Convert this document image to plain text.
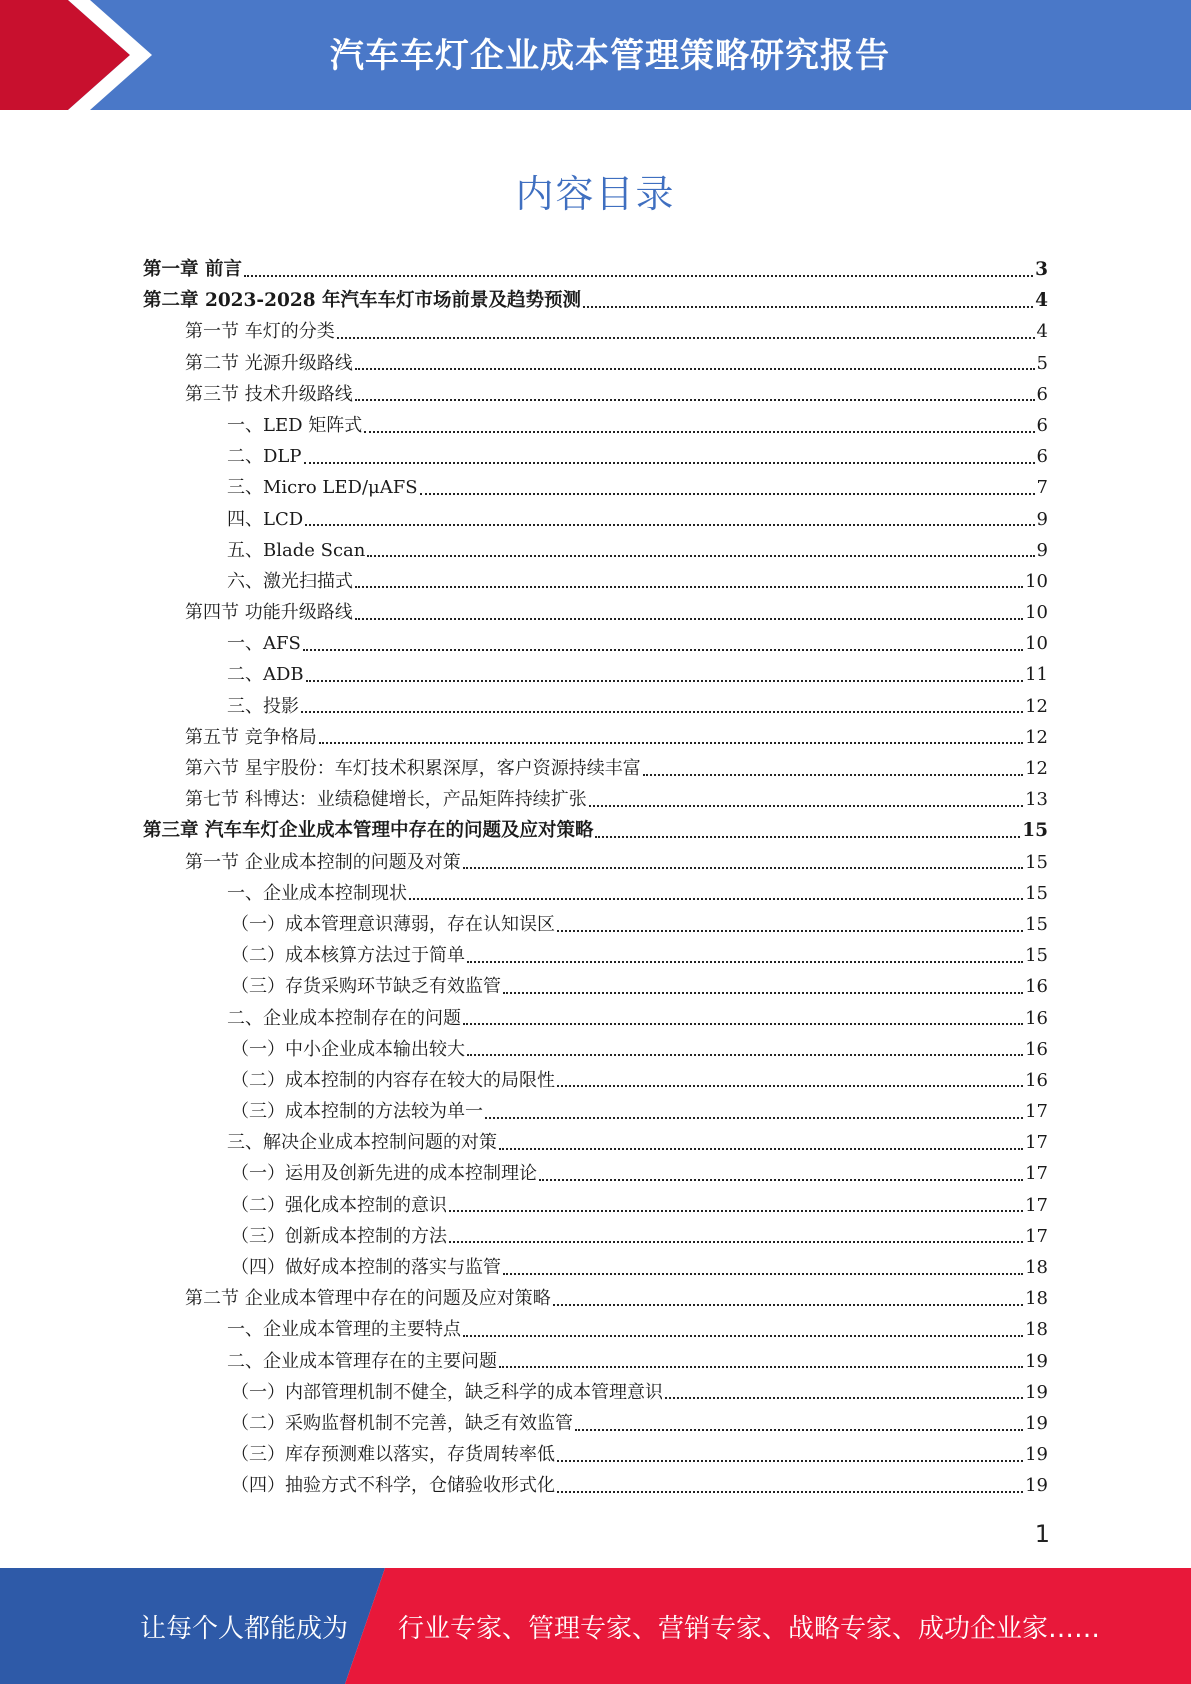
汽车车灯企业成本管理策略研究报告
内容目录
第一章 前言	3
第二章 2023-2028 年汽车车灯市场前景及趋势预测	4
第一节 车灯的分类	4
第二节 光源升级路线	5
第三节 技术升级路线	6
一、LED 矩阵式	6
二、DLP	6
三、Micro LED/μAFS	7
四、LCD	9
五、Blade Scan	9
六、激光扫描式	10
第四节 功能升级路线	10
一、AFS	10
二、ADB	11
三、投影	12
第五节 竞争格局	12
第六节 星宇股份：车灯技术积累深厚，客户资源持续丰富	12
第七节 科博达：业绩稳健增长，产品矩阵持续扩张	13
第三章 汽车车灯企业成本管理中存在的问题及应对策略	15
第一节 企业成本控制的问题及对策	15
一、企业成本控制现状	15
（一）成本管理意识薄弱，存在认知误区	15
（二）成本核算方法过于简单	15
（三）存货采购环节缺乏有效监管	16
二、企业成本控制存在的问题	16
（一）中小企业成本输出较大	16
（二）成本控制的内容存在较大的局限性	16
（三）成本控制的方法较为单一	17
三、解决企业成本控制问题的对策	17
（一）运用及创新先进的成本控制理论	17
（二）强化成本控制的意识	17
（三）创新成本控制的方法	17
（四）做好成本控制的落实与监管	18
第二节 企业成本管理中存在的问题及应对策略	18
一、企业成本管理的主要特点	18
二、企业成本管理存在的主要问题	19
（一）内部管理机制不健全，缺乏科学的成本管理意识	19
（二）采购监督机制不完善，缺乏有效监管	19
（三）库存预测难以落实，存货周转率低	19
（四）抽验方式不科学，仓储验收形式化	19
1
让每个人都能成为 行业专家、管理专家、营销专家、战略专家、成功企业家……
